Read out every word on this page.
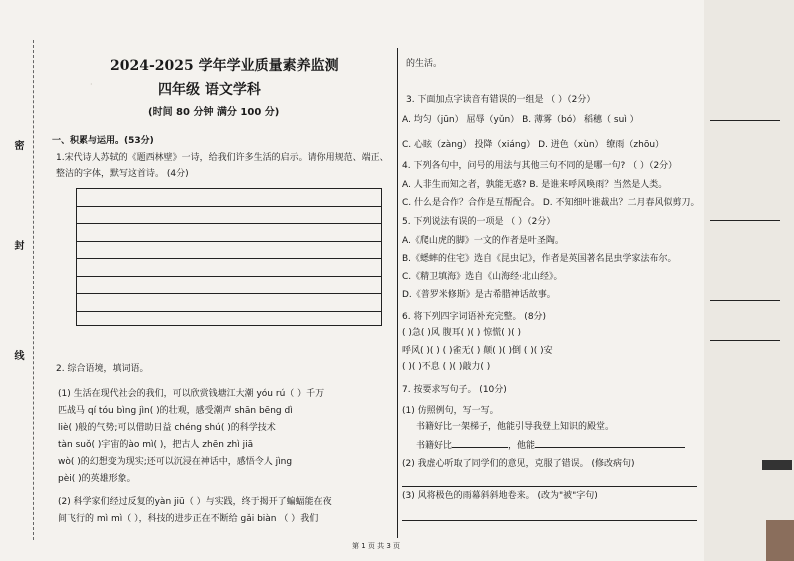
密
封
线
·
2024-2025 学年学业质量素养监测
四年级 语文学科
(时间 80 分钟 满分 100 分)
一、积累与运用。(53分)
1.宋代诗人苏轼的《题西林壁》一诗，给我们许多生活的启示。请你用规范、端正、
整洁的字体，默写这首诗。 (4分)
2. 综合语境，填词语。
(1) 生活在现代社会的我们，可以欣赏钱塘江大潮 yóu rú（ ）千万
匹战马 qí tóu bìng jìn( )的壮观，感受潮声 shān bēng dì
liè( )般的气势;可以借助日益 chéng shú( )的科学技术
tàn suǒ( )宇宙的ào mì( )，把古人 zhēn zhì jiā
wò( )的幻想变为现实;还可以沉浸在神话中，感悟令人 jìng
pèi( )的英雄形象。
(2) 科学家们经过反复的yàn jiū（ ）与实践，终于揭开了蝙蝠能在夜
间飞行的 mì mì（ ），科技的进步正在不断给 gǎi biàn （ ）我们
的生活。
3. 下面加点字读音有错误的一组是 （ ）（2分）
A. 均匀（jūn） 屈辱（yǔn） B. 薄雾（bó） 稻穗（ suì ）
C. 心眩（zàng） 投降（xiáng） D. 迸色（xùn） 缭雨（zhōu）
4. 下列各句中，问号的用法与其他三句不同的是哪一句? （ ）（2分）
A. 人非生而知之者，孰能无惑? B. 是谁来呼风唤雨？当然是人类。
C. 什么是合作？合作是互帮配合。 D. 不知细叶谁裁出？二月春风似剪刀。
5. 下列说法有误的一项是 （ ）（2分）
A.《爬山虎的脚》一文的作者是叶圣陶。
B.《蟋蟀的住宅》选自《昆虫记》，作者是英国著名昆虫学家法布尔。
C.《精卫填海》选自《山海经·北山经》。
D.《普罗米修斯》是古希腊神话故事。
6. 将下列四字词语补充完整。 (8分)
( )急( )风 腹耳( )( ) 惊慌( )( )
呼风( )( ) ( )雀无( ) 颠( )( )倒 ( )( )安
( )( )不息 ( )( )敲力( )
7. 按要求写句子。 (10分)
(1) 仿照例句，写一写。
书籍好比一架梯子，他能引导我登上知识的殿堂。
书籍好比	，他能
(2) 我虚心听取了同学们的意见，克服了错误。 (修改病句)
(3) 风将极色的雨幕斜斜地卷来。 (改为"被"字句)
第 1 页 共 3 页
